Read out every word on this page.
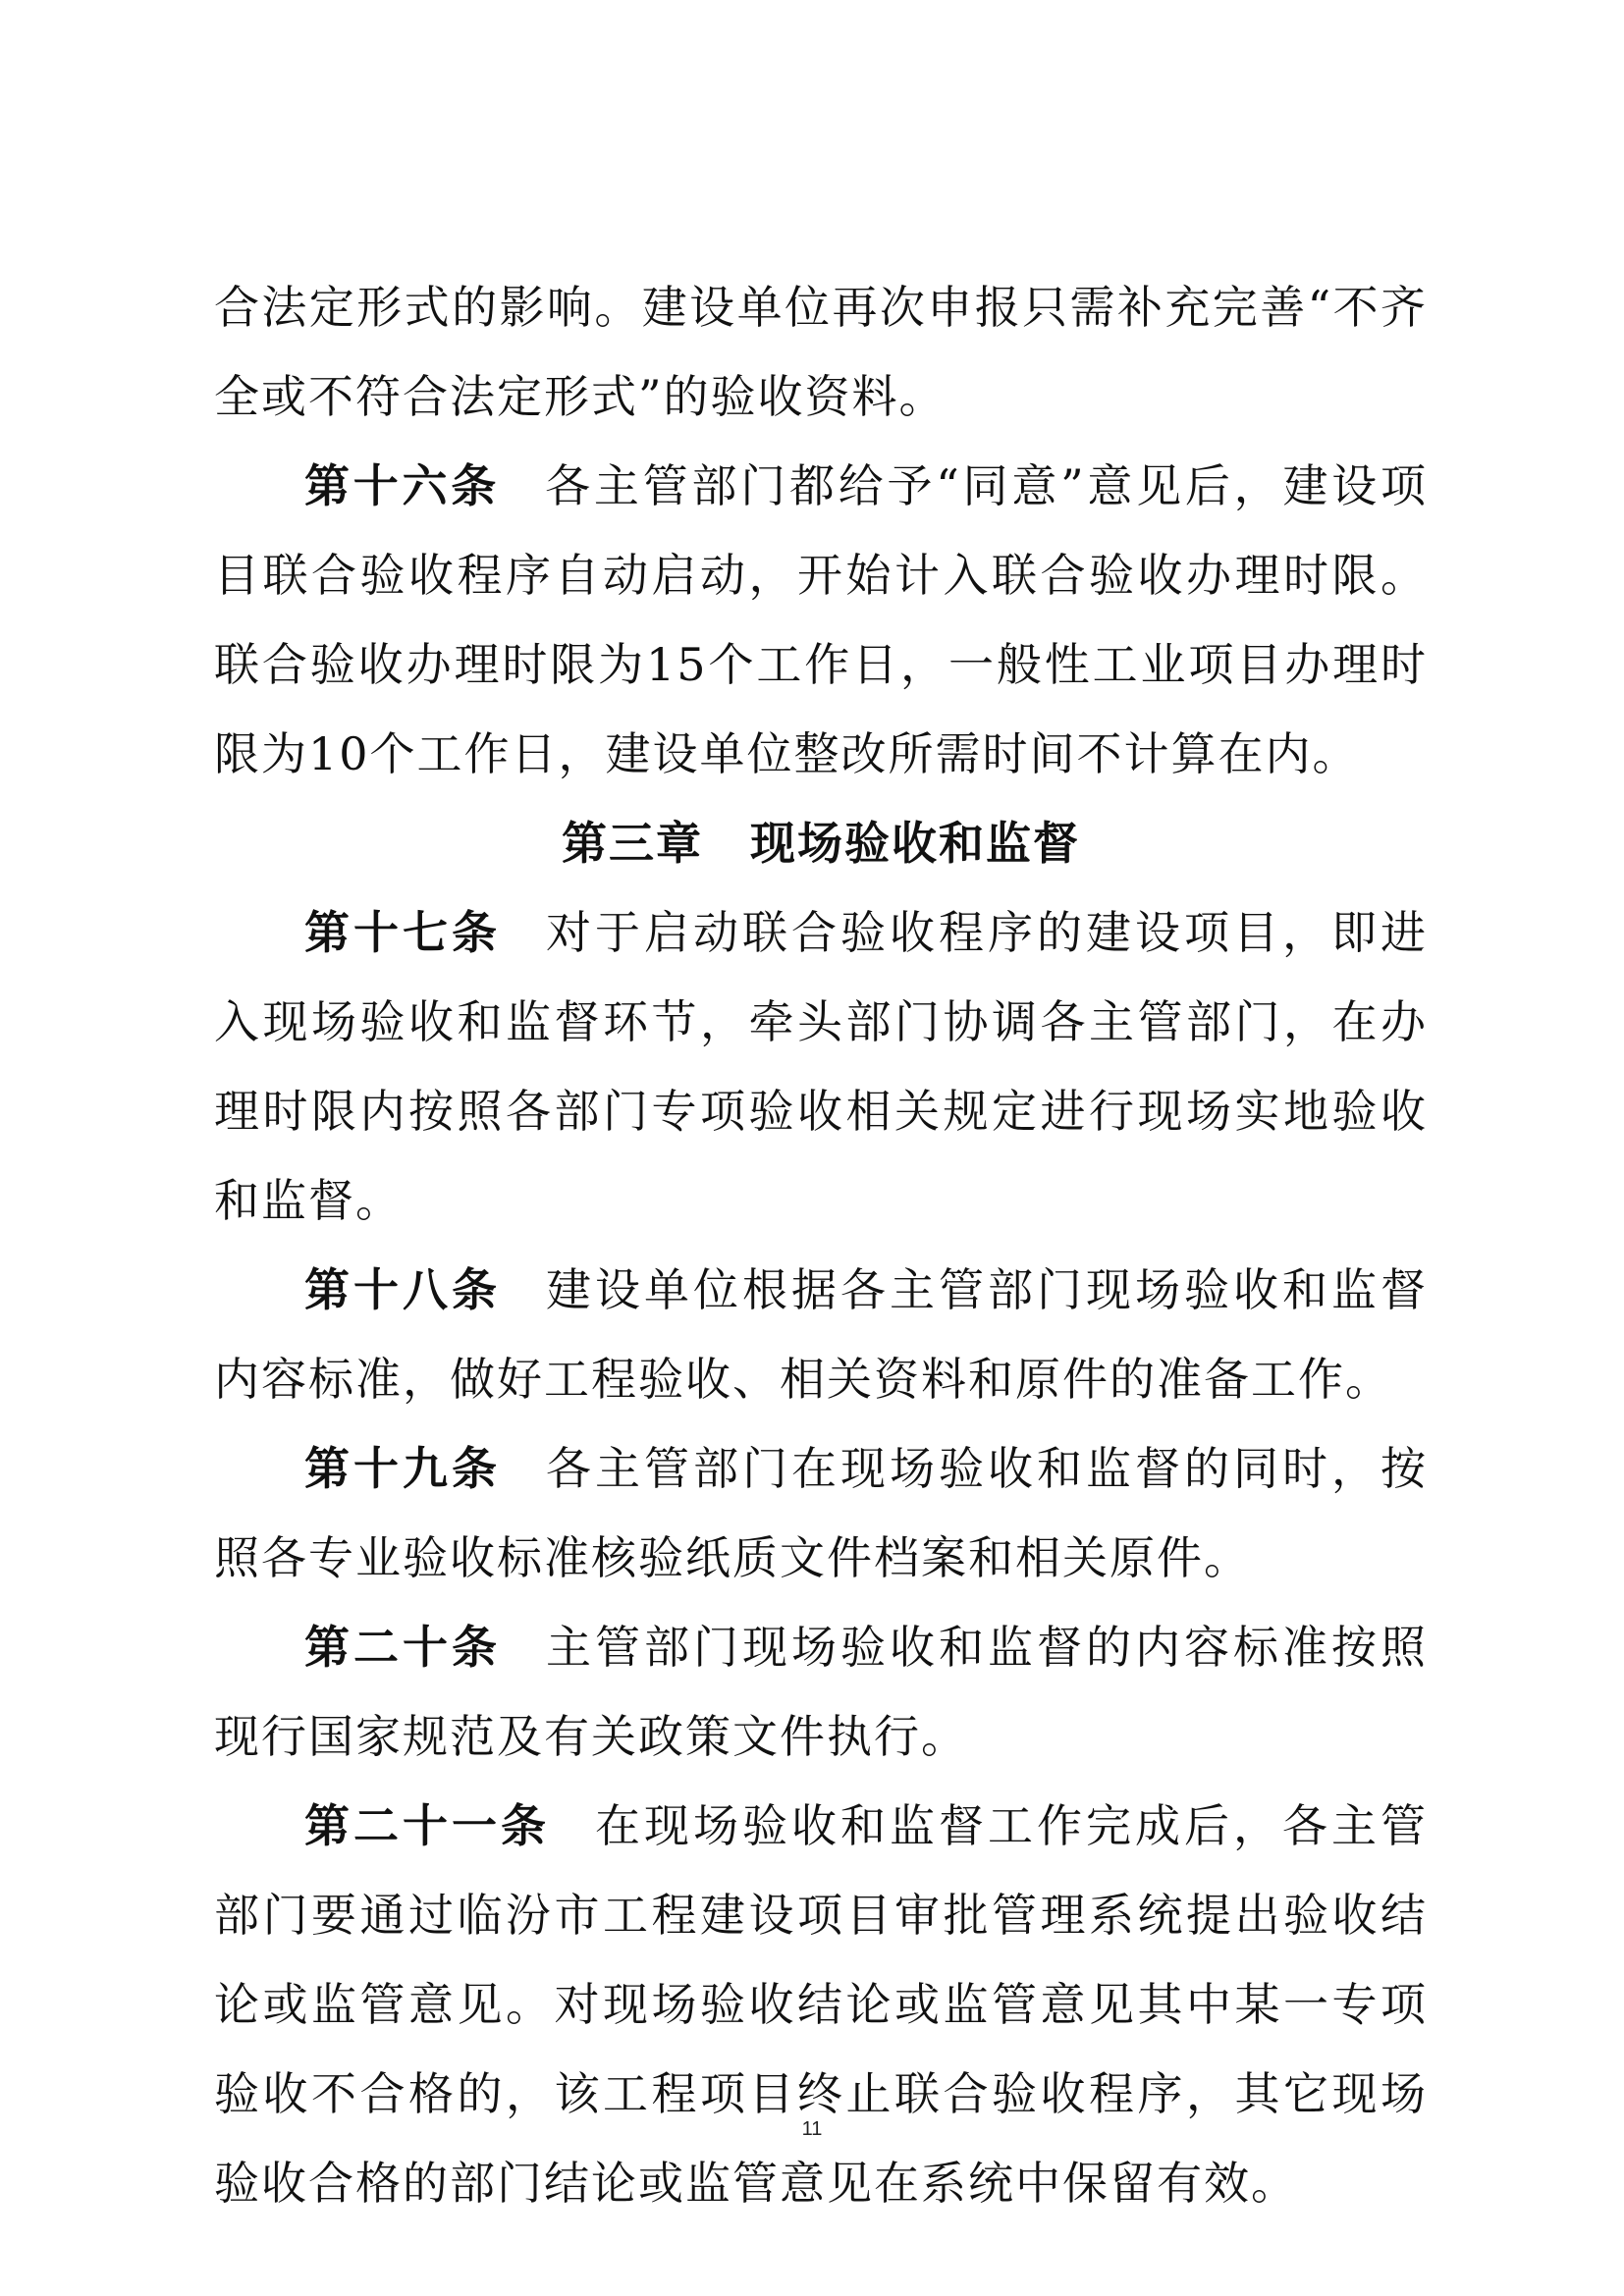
合法定形式的影响。建设单位再次申报只需补充完善“不齐全或不符合法定形式”的验收资料。

第十六条 各主管部门都给予“同意”意见后，建设项目联合验收程序自动启动，开始计入联合验收办理时限。联合验收办理时限为15个工作日，一般性工业项目办理时限为10个工作日，建设单位整改所需时间不计算在内。

第三章　现场验收和监督

第十七条 对于启动联合验收程序的建设项目，即进入现场验收和监督环节，牵头部门协调各主管部门，在办理时限内按照各部门专项验收相关规定进行现场实地验收和监督。

第十八条 建设单位根据各主管部门现场验收和监督内容标准，做好工程验收、相关资料和原件的准备工作。

第十九条 各主管部门在现场验收和监督的同时，按照各专业验收标准核验纸质文件档案和相关原件。

第二十条 主管部门现场验收和监督的内容标准按照现行国家规范及有关政策文件执行。

第二十一条 在现场验收和监督工作完成后，各主管部门要通过临汾市工程建设项目审批管理系统提出验收结论或监管意见。对现场验收结论或监管意见其中某一专项验收不合格的，该工程项目终止联合验收程序，其它现场验收合格的部门结论或监管意见在系统中保留有效。

11
